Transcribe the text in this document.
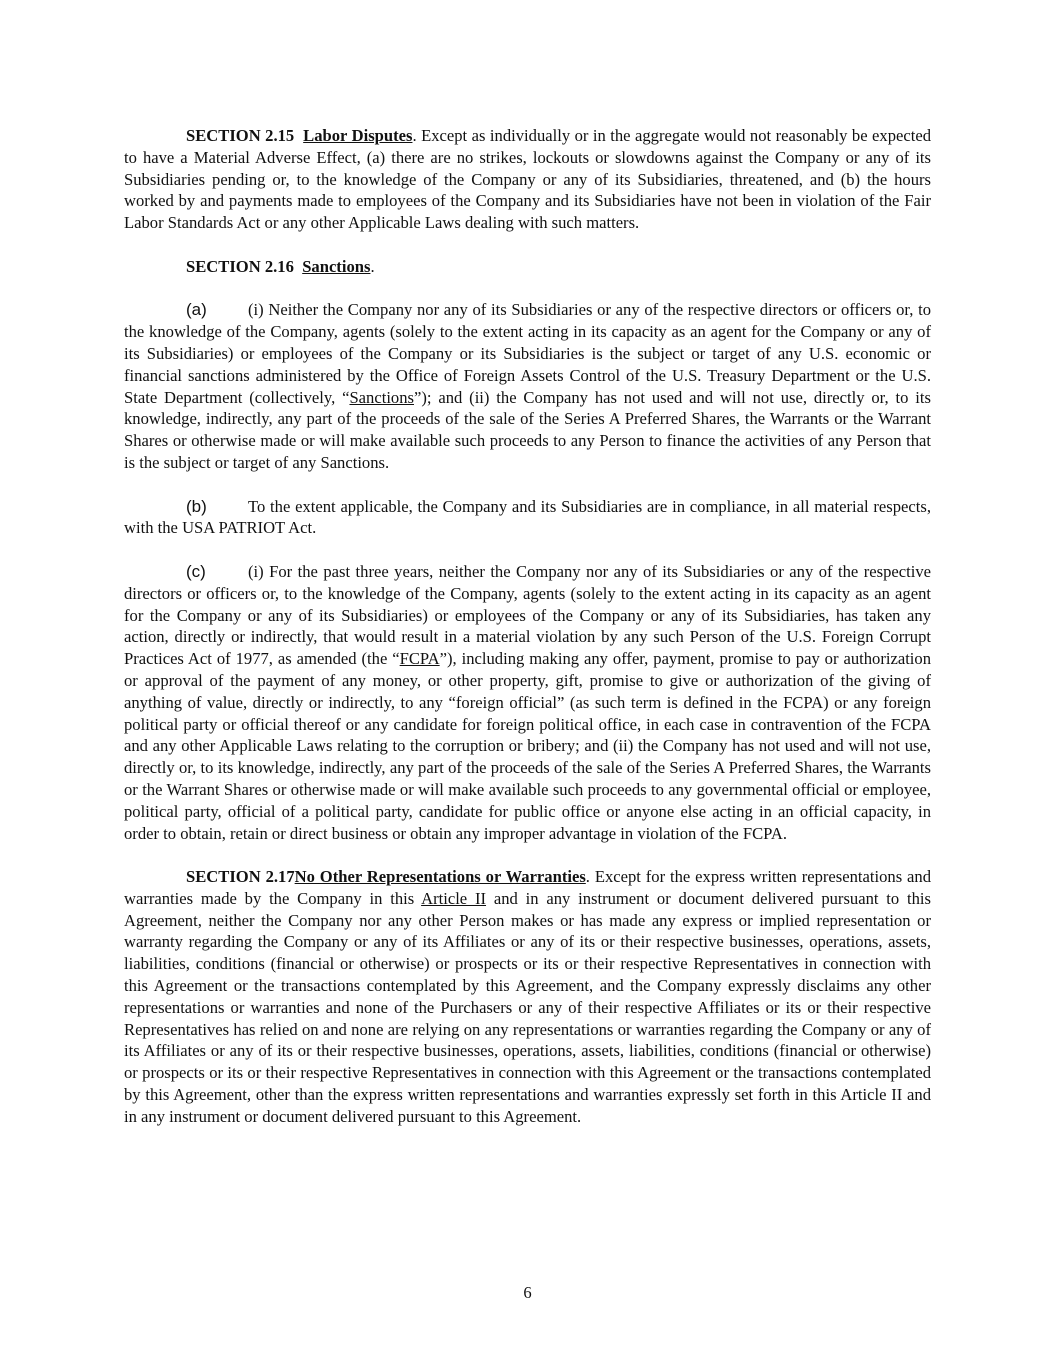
SECTION 2.15 Labor Disputes. Except as individually or in the aggregate would not reasonably be expected to have a Material Adverse Effect, (a) there are no strikes, lockouts or slowdowns against the Company or any of its Subsidiaries pending or, to the knowledge of the Company or any of its Subsidiaries, threatened, and (b) the hours worked by and payments made to employees of the Company and its Subsidiaries have not been in violation of the Fair Labor Standards Act or any other Applicable Laws dealing with such matters.

SECTION 2.16 Sanctions.

(a) (i) Neither the Company nor any of its Subsidiaries or any of the respective directors or officers or, to the knowledge of the Company, agents (solely to the extent acting in its capacity as an agent for the Company or any of its Subsidiaries) or employees of the Company or its Subsidiaries is the subject or target of any U.S. economic or financial sanctions administered by the Office of Foreign Assets Control of the U.S. Treasury Department or the U.S. State Department (collectively, “Sanctions”); and (ii) the Company has not used and will not use, directly or, to its knowledge, indirectly, any part of the proceeds of the sale of the Series A Preferred Shares, the Warrants or the Warrant Shares or otherwise made or will make available such proceeds to any Person to finance the activities of any Person that is the subject or target of any Sanctions.

(b) To the extent applicable, the Company and its Subsidiaries are in compliance, in all material respects, with the USA PATRIOT Act.

(c)	(i) For the past three years, neither the Company nor any of its Subsidiaries or any of the respective directors or officers or, to the knowledge of the Company, agents (solely to the extent acting in its capacity as an agent for the Company or any of its Subsidiaries) or employees of the Company or any of its Subsidiaries, has taken any action, directly or indirectly, that would result in a material violation by any such Person of the U.S. Foreign Corrupt Practices Act of 1977, as amended (the “FCPA”), including making any offer, payment, promise to pay or authorization or approval of the payment of any money, or other property, gift, promise to give or authorization of the giving of anything of value, directly or indirectly, to any “foreign official” (as such term is defined in the FCPA) or any foreign political party or official thereof or any candidate for foreign political office, in each case in contravention of the FCPA and any other Applicable Laws relating to the corruption or bribery; and (ii) the Company has not used and will not use, directly or, to its knowledge, indirectly, any part of the proceeds of the sale of the Series A Preferred Shares, the Warrants or the Warrant Shares or otherwise made or will make available such proceeds to any governmental official or employee, political party, official of a political party, candidate for public office or anyone else acting in an official capacity, in order to obtain, retain or direct business or obtain any improper advantage in violation of the FCPA.

SECTION 2.17No Other Representations or Warranties. Except for the express written representations and warranties made by the Company in this Article II and in any instrument or document delivered pursuant to this Agreement, neither the Company nor any other Person makes or has made any express or implied representation or warranty regarding the Company or any of its Affiliates or any of its or their respective businesses, operations, assets, liabilities, conditions (financial or otherwise) or prospects or its or their respective Representatives in connection with this Agreement or the transactions contemplated by this Agreement, and the Company expressly disclaims any other representations or warranties and none of the Purchasers or any of their respective Affiliates or its or their respective Representatives has relied on and none are relying on any representations or warranties regarding the Company or any of its Affiliates or any of its or their respective businesses, operations, assets, liabilities, conditions (financial or otherwise) or prospects or its or their respective Representatives in connection with this Agreement or the transactions contemplated by this Agreement, other than the express written representations and warranties expressly set forth in this Article II and in any instrument or document delivered pursuant to this Agreement.

6
